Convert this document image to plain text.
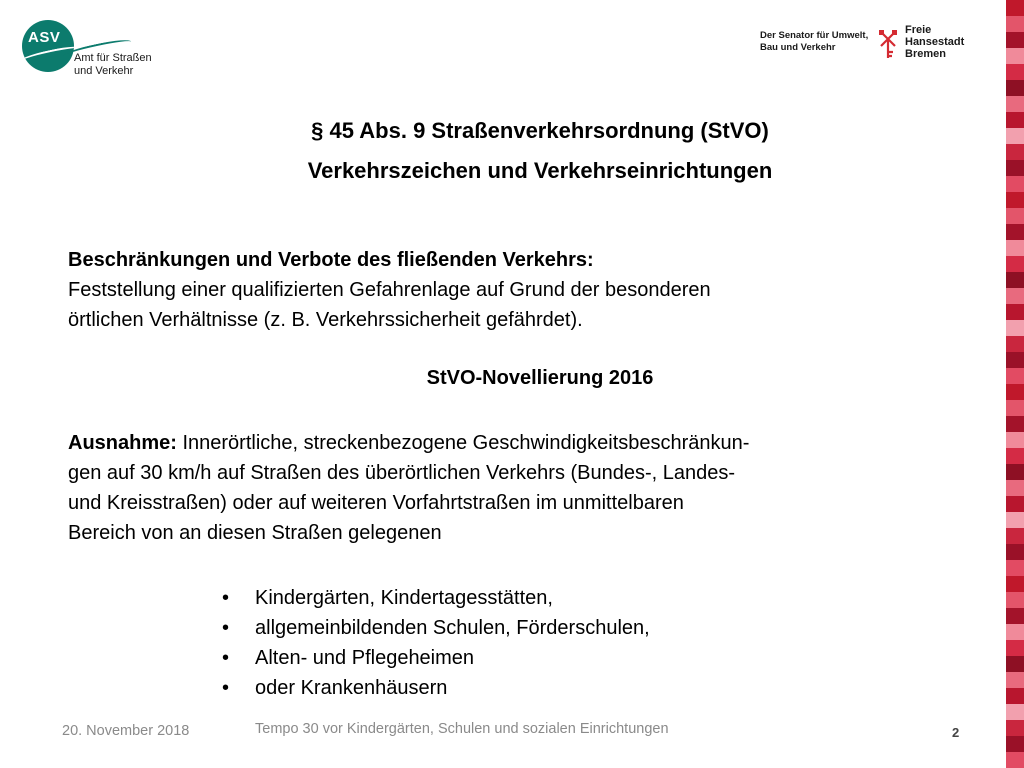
ASV
Amt für Straßen
und Verkehr
Der Senator für Umwelt,
Bau und Verkehr
Freie
Hansestadt
Bremen
§ 45 Abs. 9 Straßenverkehrsordnung (StVO)
Verkehrszeichen und Verkehrseinrichtungen
Beschränkungen und Verbote des fließenden Verkehrs:
Feststellung einer qualifizierten Gefahrenlage auf Grund der besonderen
örtlichen Verhältnisse (z. B. Verkehrssicherheit gefährdet).
StVO-Novellierung 2016
Ausnahme: Innerörtliche, streckenbezogene Geschwindigkeitsbeschränkun-
gen auf 30 km/h auf Straßen des überörtlichen Verkehrs (Bundes-, Landes-
und Kreisstraßen) oder auf weiteren Vorfahrtstraßen im unmittelbaren
Bereich von an diesen Straßen gelegenen
•	Kindergärten, Kindertagesstätten,
•	allgemeinbildenden Schulen, Förderschulen,
•	Alten- und Pflegeheimen
•	oder Krankenhäusern
20. November 2018	Tempo 30 vor Kindergärten, Schulen und sozialen Einrichtungen	2
